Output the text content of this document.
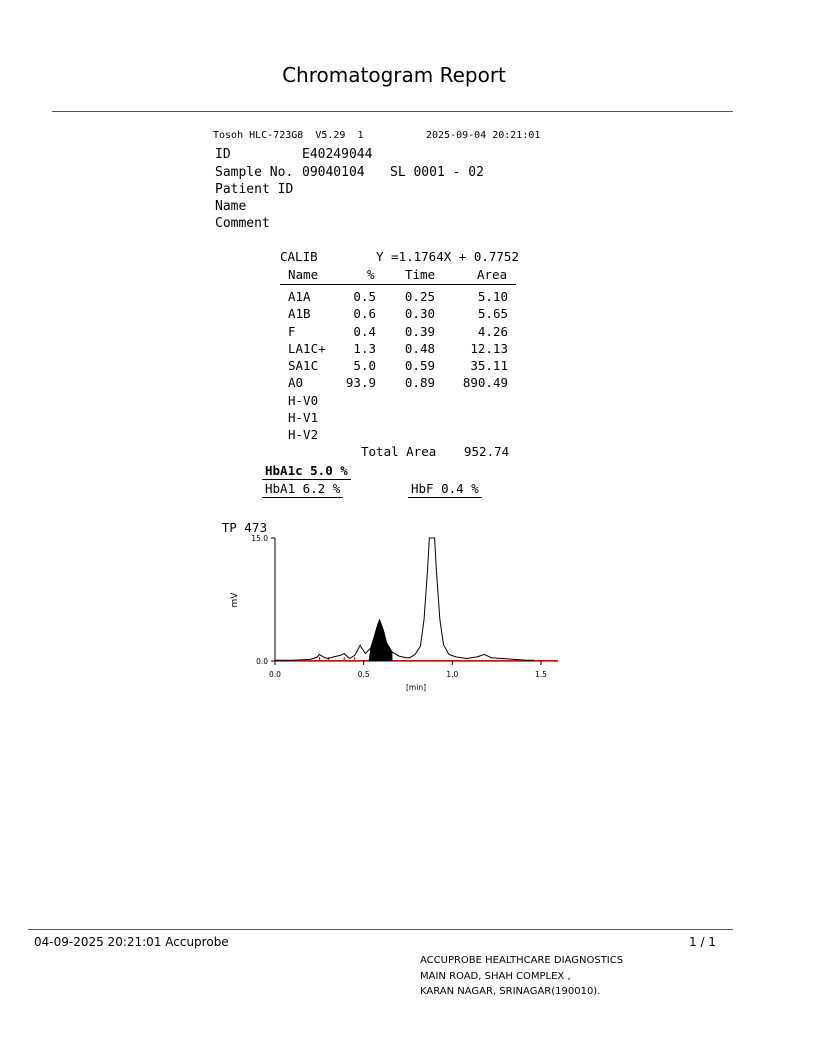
Chromatogram Report
Tosoh HLC-723G8  V5.29  1	2025-09-04 20:21:01
ID	E40249044
Sample No. 09040104 SL 0001 - 02
Patient ID
Name
Comment
CALIB	Y =1.1764X + 0.7752
Name	% Time	Area
A1A	0.5 0.25	5.10
A1B	0.6 0.30	5.65
F	0.4 0.39	4.26
LA1C+ 1.3 0.48	12.13
SA1C	5.0 0.59	35.11
A0	93.9 0.89 890.49
H-V0
H-V1
H-V2
Total Area 952.74
HbA1c 5.0 %
HbA1 6.2 %	HbF 0.4 %
TP  473
mV
[min]
0.0	0.5	1.0	1.5
0.0
15.0
04-09-2025 20:21:01 Accuprobe	1 / 1
ACCUPROBE HEALTHCARE DIAGNOSTICS
MAIN ROAD, SHAH COMPLEX ,
KARAN NAGAR, SRINAGAR(190010).
